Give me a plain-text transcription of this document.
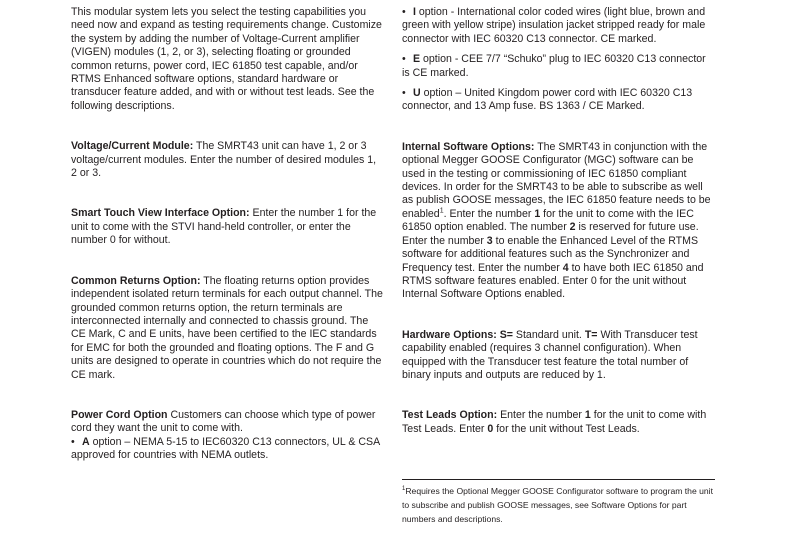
This modular system lets you select the testing capabilities you need now and expand as testing requirements change. Customize the system by adding the number of Voltage-Current amplifier (VIGEN) modules (1, 2, or 3), selecting floating or grounded common returns, power cord, IEC 61850 test capable, and/or RTMS Enhanced software options, standard hardware or transducer feature added, and with or without test leads. See the following descriptions.

Voltage/Current Module: The SMRT43 unit can have 1, 2 or 3 voltage/current modules. Enter the number of desired modules 1, 2 or 3.

Smart Touch View Interface Option: Enter the number 1 for the unit to come with the STVI hand-held controller, or enter the number 0 for without.

Common Returns Option: The floating returns option provides independent isolated return terminals for each output channel. The grounded common returns option, the return terminals are interconnected internally and connected to chassis ground. The CE Mark, C and E units, have been certified to the IEC standards for EMC for both the grounded and floating options. The F and G units are designed to operate in countries which do not require the CE mark.

Power Cord Option Customers can choose which type of power cord they want the unit to come with.

• A option – NEMA 5-15 to IEC60320 C13 connectors, UL & CSA approved for countries with NEMA outlets.

• I option - International color coded wires (light blue, brown and green with yellow stripe) insulation jacket stripped ready for male connector with IEC 60320 C13 connector. CE marked.

• E option - CEE 7/7 “Schuko” plug to IEC 60320 C13 connector is CE marked.

• U option – United Kingdom power cord with IEC 60320 C13 connector, and 13 Amp fuse. BS 1363 / CE Marked.

Internal Software Options: The SMRT43 in conjunction with the optional Megger GOOSE Configurator (MGC) software can be used in the testing or commissioning of IEC 61850 compliant devices. In order for the SMRT43 to be able to subscribe as well as publish GOOSE messages, the IEC 61850 feature needs to be enabled$^1$. Enter the number 1 for the unit to come with the IEC 61850 option enabled. The number 2 is reserved for future use. Enter the number 3 to enable the Enhanced Level of the RTMS software for additional features such as the Synchronizer and Frequency test. Enter the number 4 to have both IEC 61850 and RTMS software features enabled. Enter 0 for the unit without Internal Software Options enabled.

Hardware Options: S= Standard unit. T= With Transducer test capability enabled (requires 3 channel configuration). When equipped with the Transducer test feature the total number of binary inputs and outputs are reduced by 1.

Test Leads Option: Enter the number 1 for the unit to come with Test Leads. Enter 0 for the unit without Test Leads.

$^1$Requires the Optional Megger GOOSE Configurator software to program the unit to subscribe and publish GOOSE messages, see Software Options for part numbers and descriptions.
